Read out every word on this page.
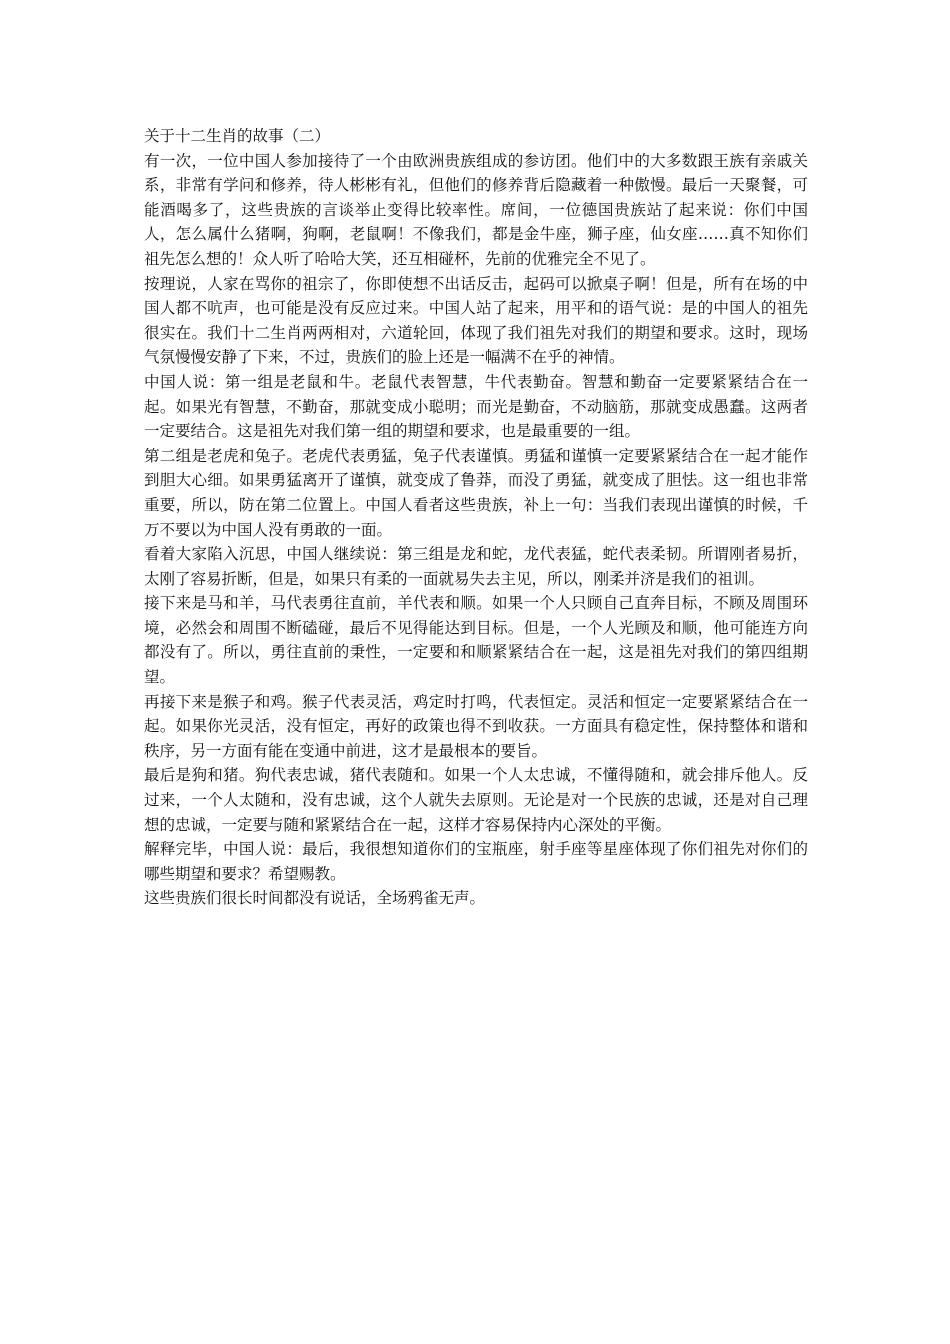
关于十二生肖的故事（二）

有一次，一位中国人参加接待了一个由欧洲贵族组成的参访团。他们中的大多数跟王族有亲戚关系，非常有学问和修养，待人彬彬有礼，但他们的修养背后隐藏着一种傲慢。最后一天聚餐，可能酒喝多了，这些贵族的言谈举止变得比较率性。席间，一位德国贵族站了起来说：你们中国人，怎么属什么猪啊，狗啊，老鼠啊！不像我们，都是金牛座，狮子座，仙女座……真不知你们祖先怎么想的！众人听了哈哈大笑，还互相碰杯，先前的优雅完全不见了。

按理说，人家在骂你的祖宗了，你即使想不出话反击，起码可以掀桌子啊！但是，所有在场的中国人都不吭声，也可能是没有反应过来。中国人站了起来，用平和的语气说：是的中国人的祖先很实在。我们十二生肖两两相对，六道轮回，体现了我们祖先对我们的期望和要求。这时，现场气氛慢慢安静了下来，不过，贵族们的脸上还是一幅满不在乎的神情。

中国人说：第一组是老鼠和牛。老鼠代表智慧，牛代表勤奋。智慧和勤奋一定要紧紧结合在一起。如果光有智慧，不勤奋，那就变成小聪明；而光是勤奋，不动脑筋，那就变成愚蠢。这两者一定要结合。这是祖先对我们第一组的期望和要求，也是最重要的一组。

第二组是老虎和兔子。老虎代表勇猛，兔子代表谨慎。勇猛和谨慎一定要紧紧结合在一起才能作到胆大心细。如果勇猛离开了谨慎，就变成了鲁莽，而没了勇猛，就变成了胆怯。这一组也非常重要，所以，防在第二位置上。中国人看者这些贵族，补上一句：当我们表现出谨慎的时候，千万不要以为中国人没有勇敢的一面。

看着大家陷入沉思，中国人继续说：第三组是龙和蛇，龙代表猛，蛇代表柔韧。所谓刚者易折，太刚了容易折断，但是，如果只有柔的一面就易失去主见，所以，刚柔并济是我们的祖训。

接下来是马和羊，马代表勇往直前，羊代表和顺。如果一个人只顾自己直奔目标，不顾及周围环境，必然会和周围不断磕碰，最后不见得能达到目标。但是，一个人光顾及和顺，他可能连方向都没有了。所以，勇往直前的秉性，一定要和和顺紧紧结合在一起，这是祖先对我们的第四组期望。

再接下来是猴子和鸡。猴子代表灵活，鸡定时打鸣，代表恒定。灵活和恒定一定要紧紧结合在一起。如果你光灵活，没有恒定，再好的政策也得不到收获。一方面具有稳定性，保持整体和谐和秩序，另一方面有能在变通中前进，这才是最根本的要旨。

最后是狗和猪。狗代表忠诚，猪代表随和。如果一个人太忠诚，不懂得随和，就会排斥他人。反过来，一个人太随和，没有忠诚，这个人就失去原则。无论是对一个民族的忠诚，还是对自己理想的忠诚，一定要与随和紧紧结合在一起，这样才容易保持内心深处的平衡。

解释完毕，中国人说：最后，我很想知道你们的宝瓶座，射手座等星座体现了你们祖先对你们的哪些期望和要求？希望赐教。

这些贵族们很长时间都没有说话，全场鸦雀无声。
